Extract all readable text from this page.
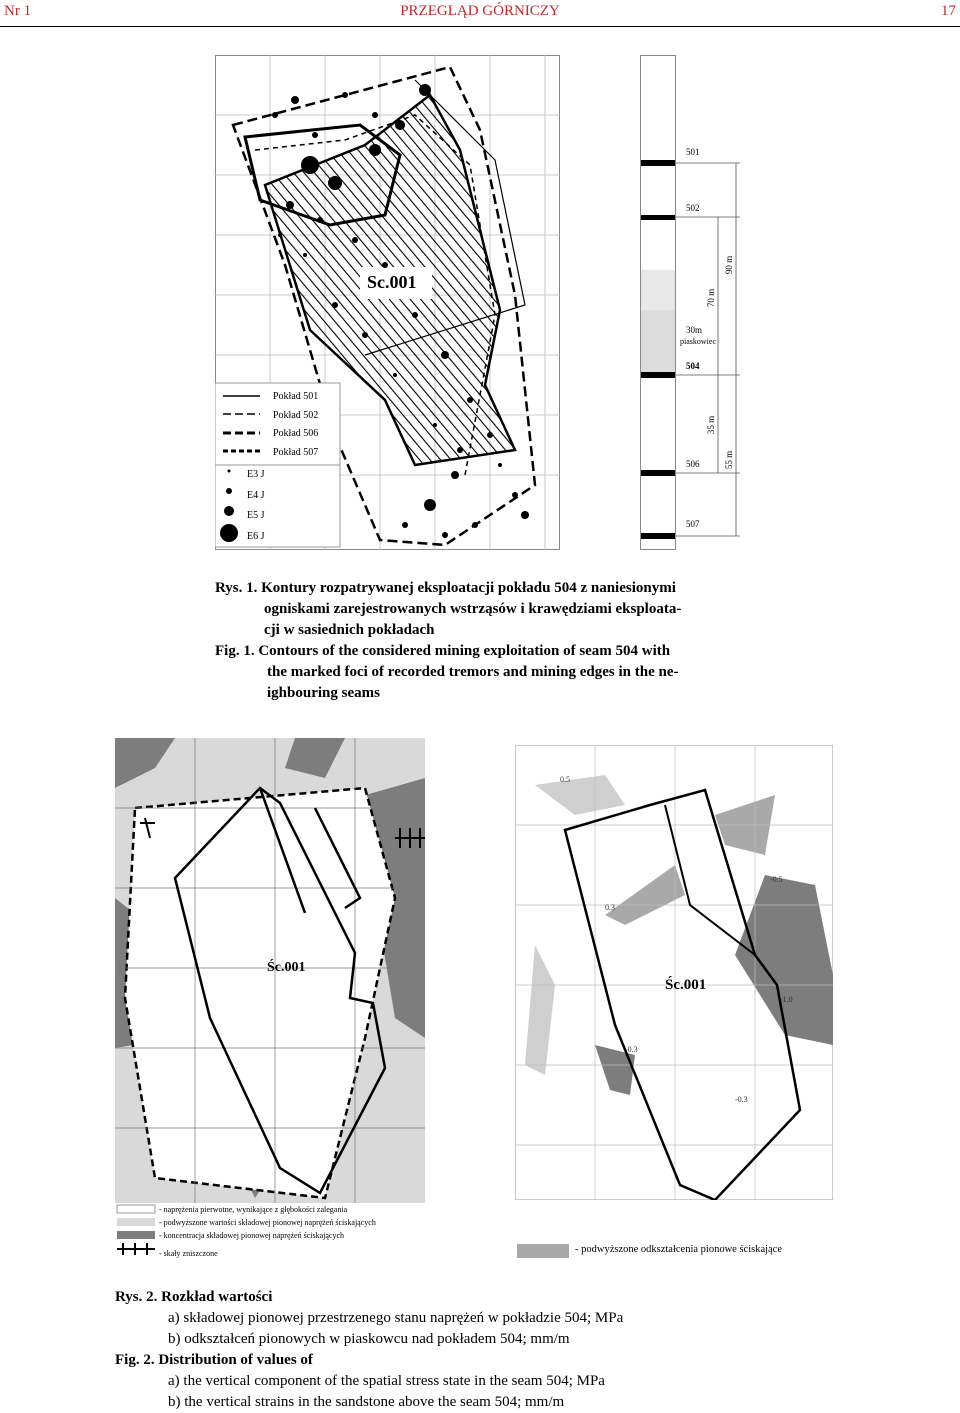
Nr 1	PRZEGLĄD GÓRNICZY	17
Pokład 501
Pokład 502
Pokład 506
Pokład 507
E3 J
E4 J
E5 J
E6 J
Sc.001
501
502
504
506
507
30m
piaskowiec
70 m
90 m
35 m
55 m
Rys. 1. Kontury rozpatrywanej eksploatacji pokładu 504 z naniesionymi
ogniskami zarejestrowanych wstrząsów i krawędziami eksploata-
cji w sasiednich pokładach
Fig. 1. Contours of the considered mining exploitation of seam 504 with
the marked foci of recorded tremors and mining edges in the ne-
ighbouring seams
Śc.001
Śc.001
0.5
0.3
-0.5
-0.3
-1.0
-0.3
- naprężenia pierwotne, wynikające z głębokości zalegania
- podwyższone wartości składowej pionowej naprężeń ściskających
- koncentracja składowej pionowej naprężeń ściskających
- skały zniszczone	- podwyższone odkształcenia pionowe ściskające
Rys. 2. Rozkład wartości
a) składowej pionowej przestrzenego stanu naprężeń w pokładzie 504; MPa
b) odkształceń pionowych w piaskowcu nad pokładem 504; mm/m
Fig. 2. Distribution of values of
a) the vertical component of the spatial stress state in the seam 504; MPa
b) the vertical strains in the sandstone above the seam 504; mm/m
